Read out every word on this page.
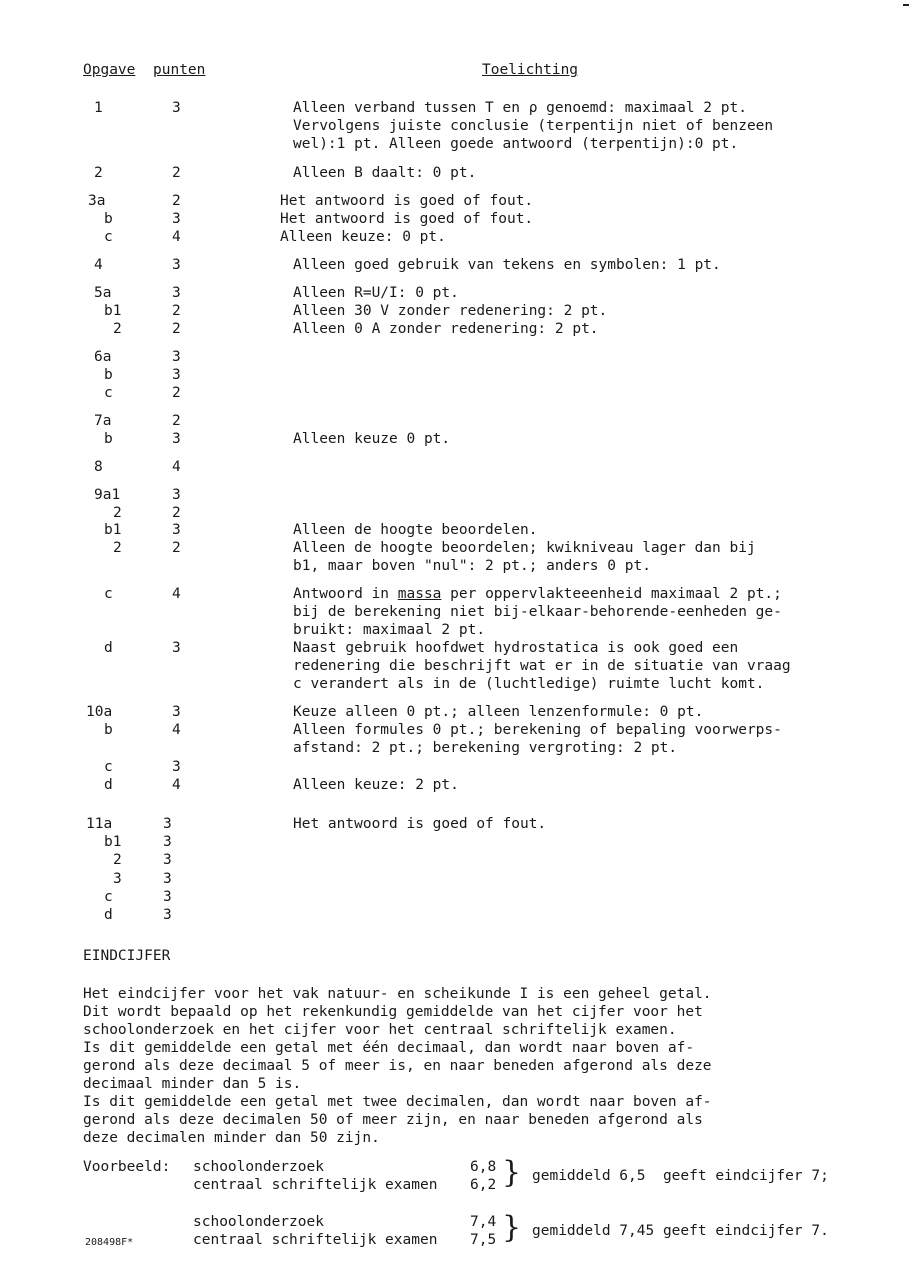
Opgave punten	Toelichting
1	3	Alleen verband tussen T en ρ genoemd: maximaal 2 pt.
Vervolgens juiste conclusie (terpentijn niet of benzeen
wel):1 pt. Alleen goede antwoord (terpentijn):0 pt.
2	2	Alleen B daalt: 0 pt.
3a	2	Het antwoord is goed of fout.
b	3	Het antwoord is goed of fout.
c	4	Alleen keuze: 0 pt.
4	3	Alleen goed gebruik van tekens en symbolen: 1 pt.
5a	3	Alleen R=U/I: 0 pt.
b1	2	Alleen 30 V zonder redenering: 2 pt.
2	2	Alleen 0 A zonder redenering: 2 pt.
6a	3
b	3
c	2
7a	2
b	3	Alleen keuze 0 pt.
8	4
9a1	3
2	2
b1	3	Alleen de hoogte beoordelen.
2	2	Alleen de hoogte beoordelen; kwikniveau lager dan bij
b1, maar boven "nul": 2 pt.; anders 0 pt.
c	4	Antwoord in massa per oppervlakteeenheid maximaal 2 pt.;
bij de berekening niet bij-elkaar-behorende-eenheden ge-
bruikt: maximaal 2 pt.
d	3	Naast gebruik hoofdwet hydrostatica is ook goed een
redenering die beschrijft wat er in de situatie van vraag
c verandert als in de (luchtledige) ruimte lucht komt.
10a	3	Keuze alleen 0 pt.; alleen lenzenformule: 0 pt.
b	4	Alleen formules 0 pt.; berekening of bepaling voorwerps-
afstand: 2 pt.; berekening vergroting: 2 pt.
c	3
d	4	Alleen keuze: 2 pt.
11a	3	Het antwoord is goed of fout.
b1	3
2	3
3	3
c	3
d	3
EINDCIJFER
Het eindcijfer voor het vak natuur- en scheikunde I is een geheel getal.
Dit wordt bepaald op het rekenkundig gemiddelde van het cijfer voor het
schoolonderzoek en het cijfer voor het centraal schriftelijk examen.
Is dit gemiddelde een getal met één decimaal, dan wordt naar boven af-
gerond als deze decimaal 5 of meer is, en naar beneden afgerond als deze
decimaal minder dan 5 is.
Is dit gemiddelde een getal met twee decimalen, dan wordt naar boven af-
gerond als deze decimalen 50 of meer zijn, en naar beneden afgerond als
deze decimalen minder dan 50 zijn.
Voorbeeld: schoolonderzoek	6,8
centraal schriftelijk examen 6,2 } gemiddeld 6,5  geeft eindcijfer 7;
schoolonderzoek	7,4
centraal schriftelijk examen 7,5 } gemiddeld 7,45 geeft eindcijfer 7.
208498F*
